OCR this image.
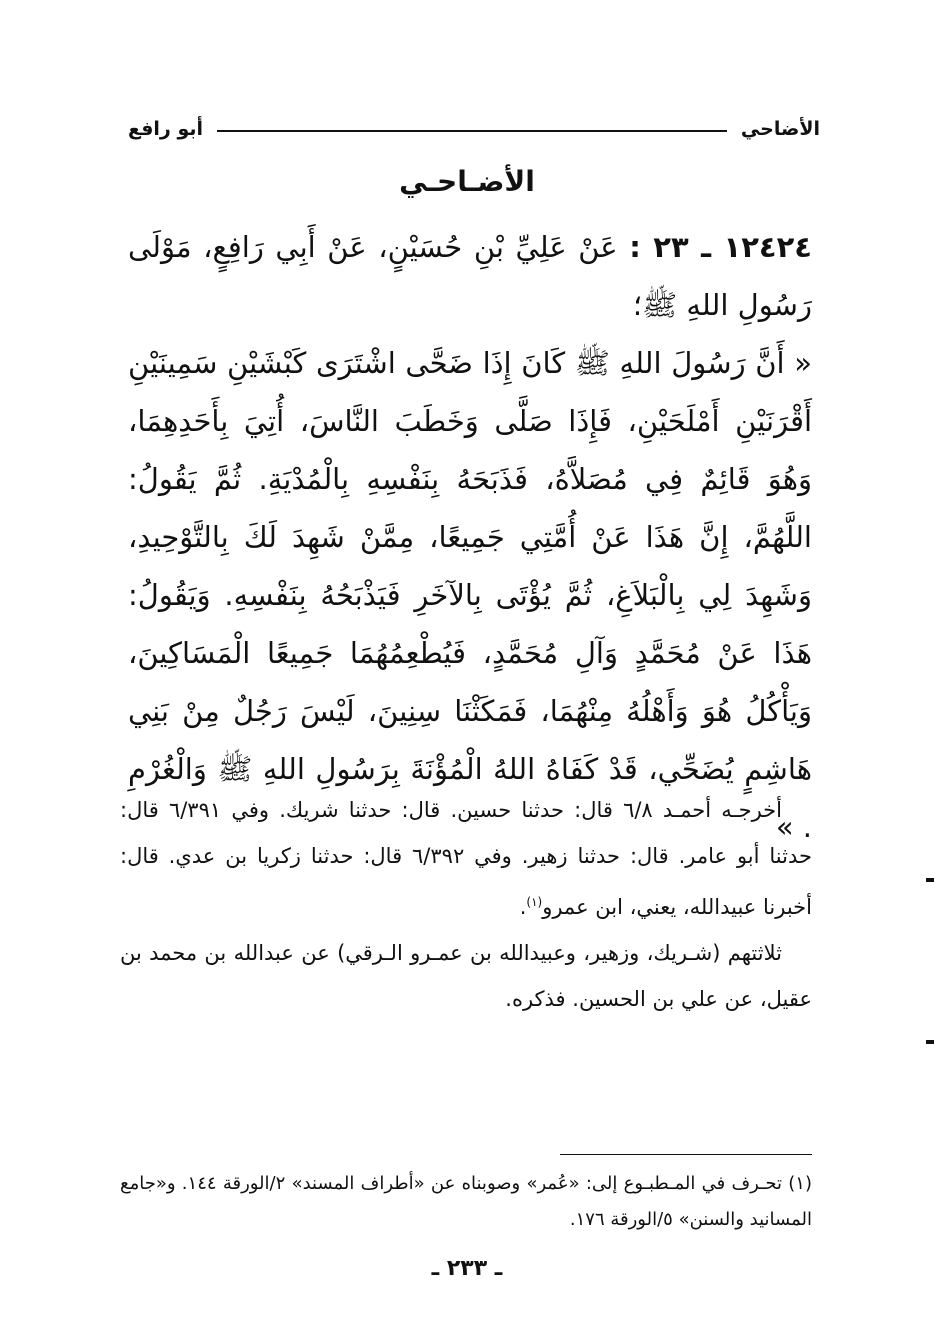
الأضاحي
أبو رافع
الأضـاحـي

١٢٤٢٤ ـ ٢٣ : عَنْ عَلِيِّ بْنِ حُسَيْنٍ، عَنْ أَبِي رَافِعٍ، مَوْلَى رَسُولِ اللهِ ﷺ؛

« أَنَّ رَسُولَ اللهِ ﷺ كَانَ إِذَا ضَحَّى اشْتَرَى كَبْشَيْنِ سَمِينَيْنِ أَقْرَنَيْنِ أَمْلَحَيْنِ، فَإِذَا صَلَّى وَخَطَبَ النَّاسَ، أُتِيَ بِأَحَدِهِمَا، وَهُوَ قَائِمٌ فِي مُصَلاَّهُ، فَذَبَحَهُ بِنَفْسِهِ بِالْمُدْيَةِ. ثُمَّ يَقُولُ: اللَّهُمَّ، إِنَّ هَذَا عَنْ أُمَّتِي جَمِيعًا، مِمَّنْ شَهِدَ لَكَ بِالتَّوْحِيدِ، وَشَهِدَ لِي بِالْبَلاَغِ، ثُمَّ يُؤْتَى بِالآخَرِ فَيَذْبَحُهُ بِنَفْسِهِ. وَيَقُولُ: هَذَا عَنْ مُحَمَّدٍ وَآلِ مُحَمَّدٍ، فَيُطْعِمُهُمَا جَمِيعًا الْمَسَاكِينَ، وَيَأْكُلُ هُوَ وَأَهْلُهُ مِنْهُمَا، فَمَكَثْنَا سِنِينَ، لَيْسَ رَجُلٌ مِنْ بَنِي هَاشِمٍ يُضَحِّي، قَدْ كَفَاهُ اللهُ الْمُؤْنَةَ بِرَسُولِ اللهِ ﷺ وَالْغُرْمِ . »

أخرجـه أحمـد ٦/٨ قال: حدثنا حسين. قال: حدثنا شريك. وفي ٦/٣٩١ قال: حدثنا أبو عامر. قال: حدثنا زهير. وفي ٦/٣٩٢ قال: حدثنا زكريا بن عدي. قال: أخبرنا عبيدالله، يعني، ابن عمرو$^{(١)}$.

ثلاثتهم (شـريك، وزهير، وعبيدالله بن عمـرو الـرقي) عن عبدالله بن محمد بن عقيل، عن علي بن الحسين. فذكره.

(١) تحـرف في المـطبـوع إلى: «عُمر» وصوبناه عن «أطراف المسند» ٢/الورقة ١٤٤. و«جامع المسانيد والسنن» ٥/الورقة ١٧٦.

ـ ٢٣٣ ـ
